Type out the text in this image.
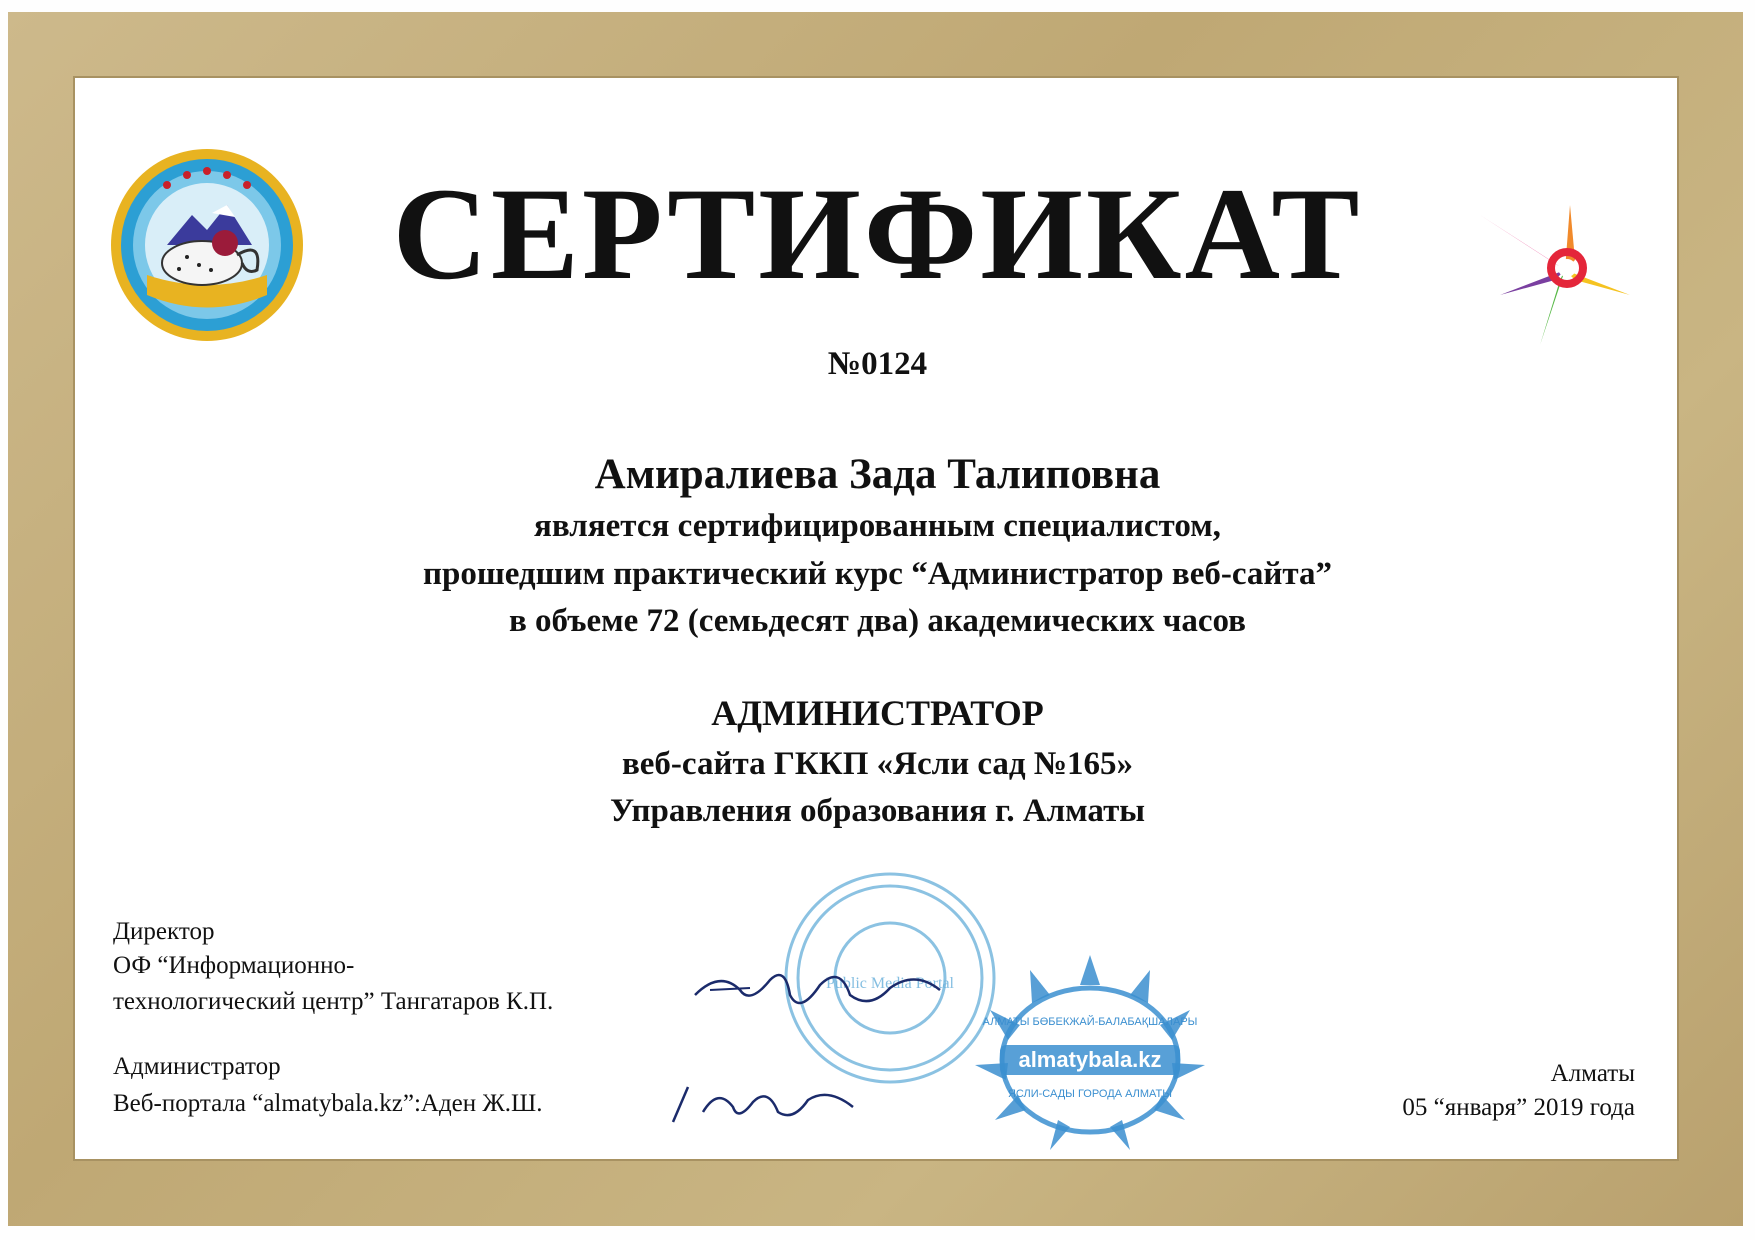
СЕРТИФИКАТ
№0124
Амиралиева Зада Талиповна
является сертифицированным специалистом,
прошедшим практический курс “Администратор веб-сайта”
в объеме 72 (семьдесят два) академических часов
АДМИНИСТРАТОР
веб-сайта ГККП «Ясли сад №165»
Управления образования г. Алматы
Public Media Portal
almatybala.kz
АЛМАТЫ БӨБЕКЖАЙ-БАЛАБАҚШАЛАРЫ
ЯСЛИ-САДЫ ГОРОДА АЛМАТЫ
Директор
ОФ “Информационно-
технологический центр” Тангатаров К.П.
Администратор
Веб-портала “almatybala.kz”:Аден Ж.Ш.
Алматы
05 “января” 2019 года
